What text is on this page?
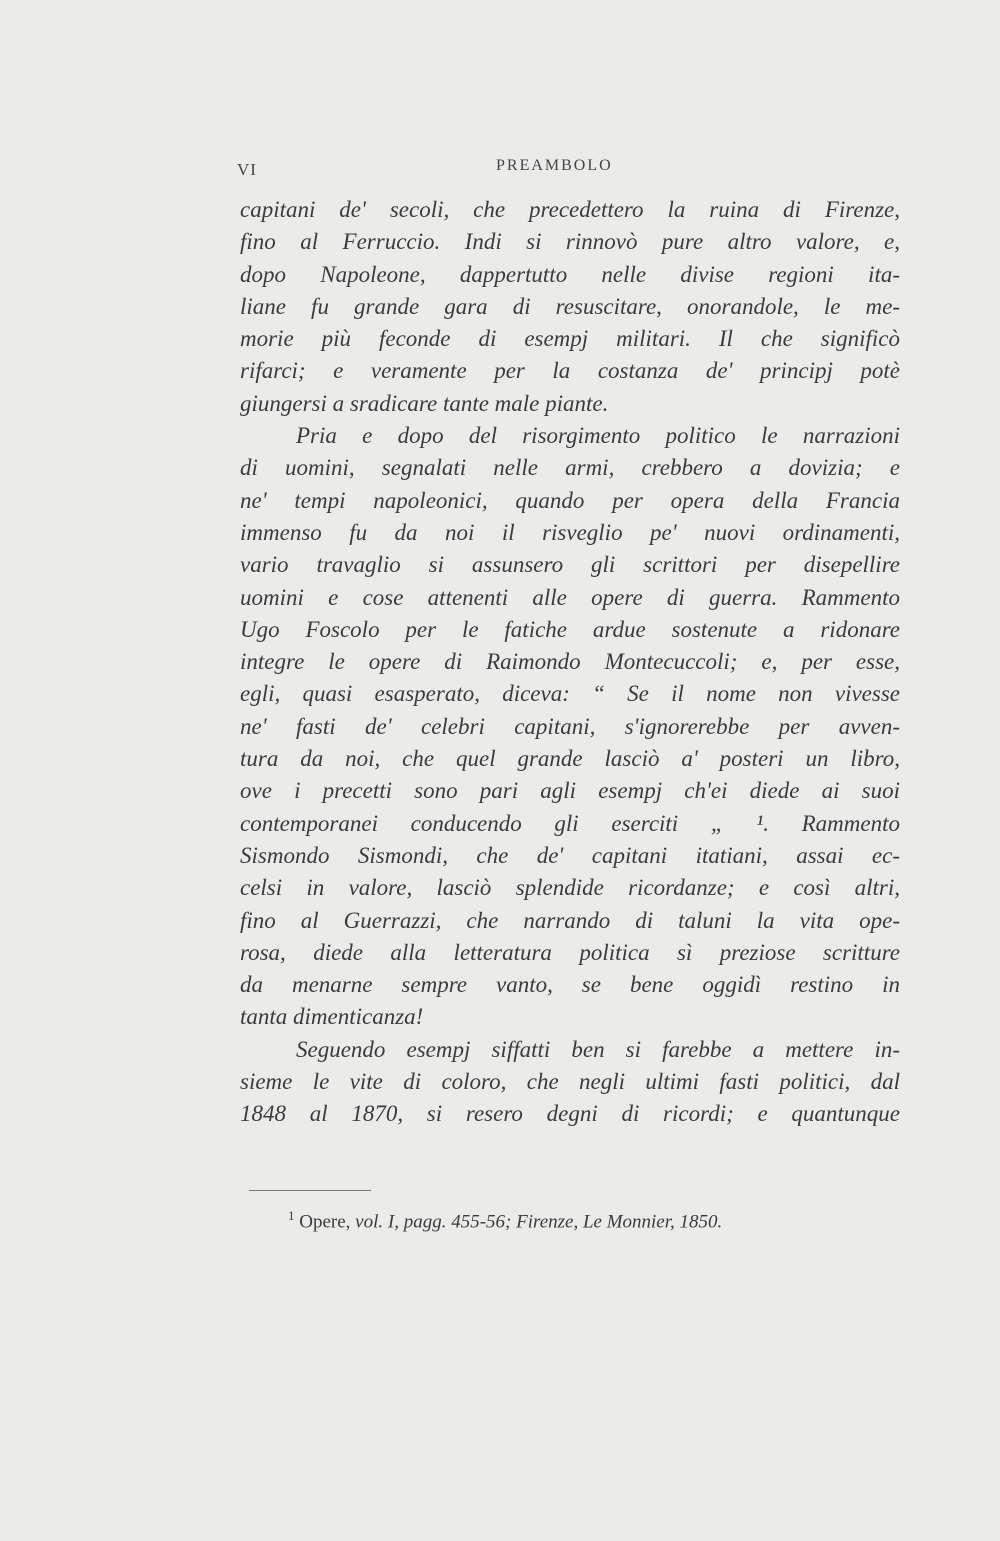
VI	PREAMBOLO
capitani de' secoli, che precedettero la ruina di Firenze,
fino al Ferruccio. Indi si rinnovò pure altro valore, e,
dopo Napoleone, dappertutto nelle divise regioni ita-
liane fu grande gara di resuscitare, onorandole, le me-
morie più feconde di esempj militari. Il che significò
rifarci; e veramente per la costanza de' principj potè
giungersi a sradicare tante male piante.
Pria e dopo del risorgimento politico le narrazioni
di uomini, segnalati nelle armi, crebbero a dovizia; e
ne' tempi napoleonici, quando per opera della Francia
immenso fu da noi il risveglio pe' nuovi ordinamenti,
vario travaglio si assunsero gli scrittori per disepellire
uomini e cose attenenti alle opere di guerra. Rammento
Ugo Foscolo per le fatiche ardue sostenute a ridonare
integre le opere di Raimondo Montecuccoli; e, per esse,
egli, quasi esasperato, diceva: “ Se il nome non vivesse
ne' fasti de' celebri capitani, s'ignorerebbe per avven-
tura da noi, che quel grande lasciò a' posteri un libro,
ove i precetti sono pari agli esempj ch'ei diede ai suoi
contemporanei conducendo gli eserciti „ ¹. Rammento
Sismondo Sismondi, che de' capitani itatiani, assai ec-
celsi in valore, lasciò splendide ricordanze; e così altri,
fino al Guerrazzi, che narrando di taluni la vita ope-
rosa, diede alla letteratura politica sì preziose scritture
da menarne sempre vanto, se bene oggidì restino in
tanta dimenticanza!
Seguendo esempj siffatti ben si farebbe a mettere in-
sieme le vite di coloro, che negli ultimi fasti politici, dal
1848 al 1870, si resero degni di ricordi; e quantunque
$^1$ Opere, vol. I, pagg. 455-56; Firenze, Le Monnier, 1850.
